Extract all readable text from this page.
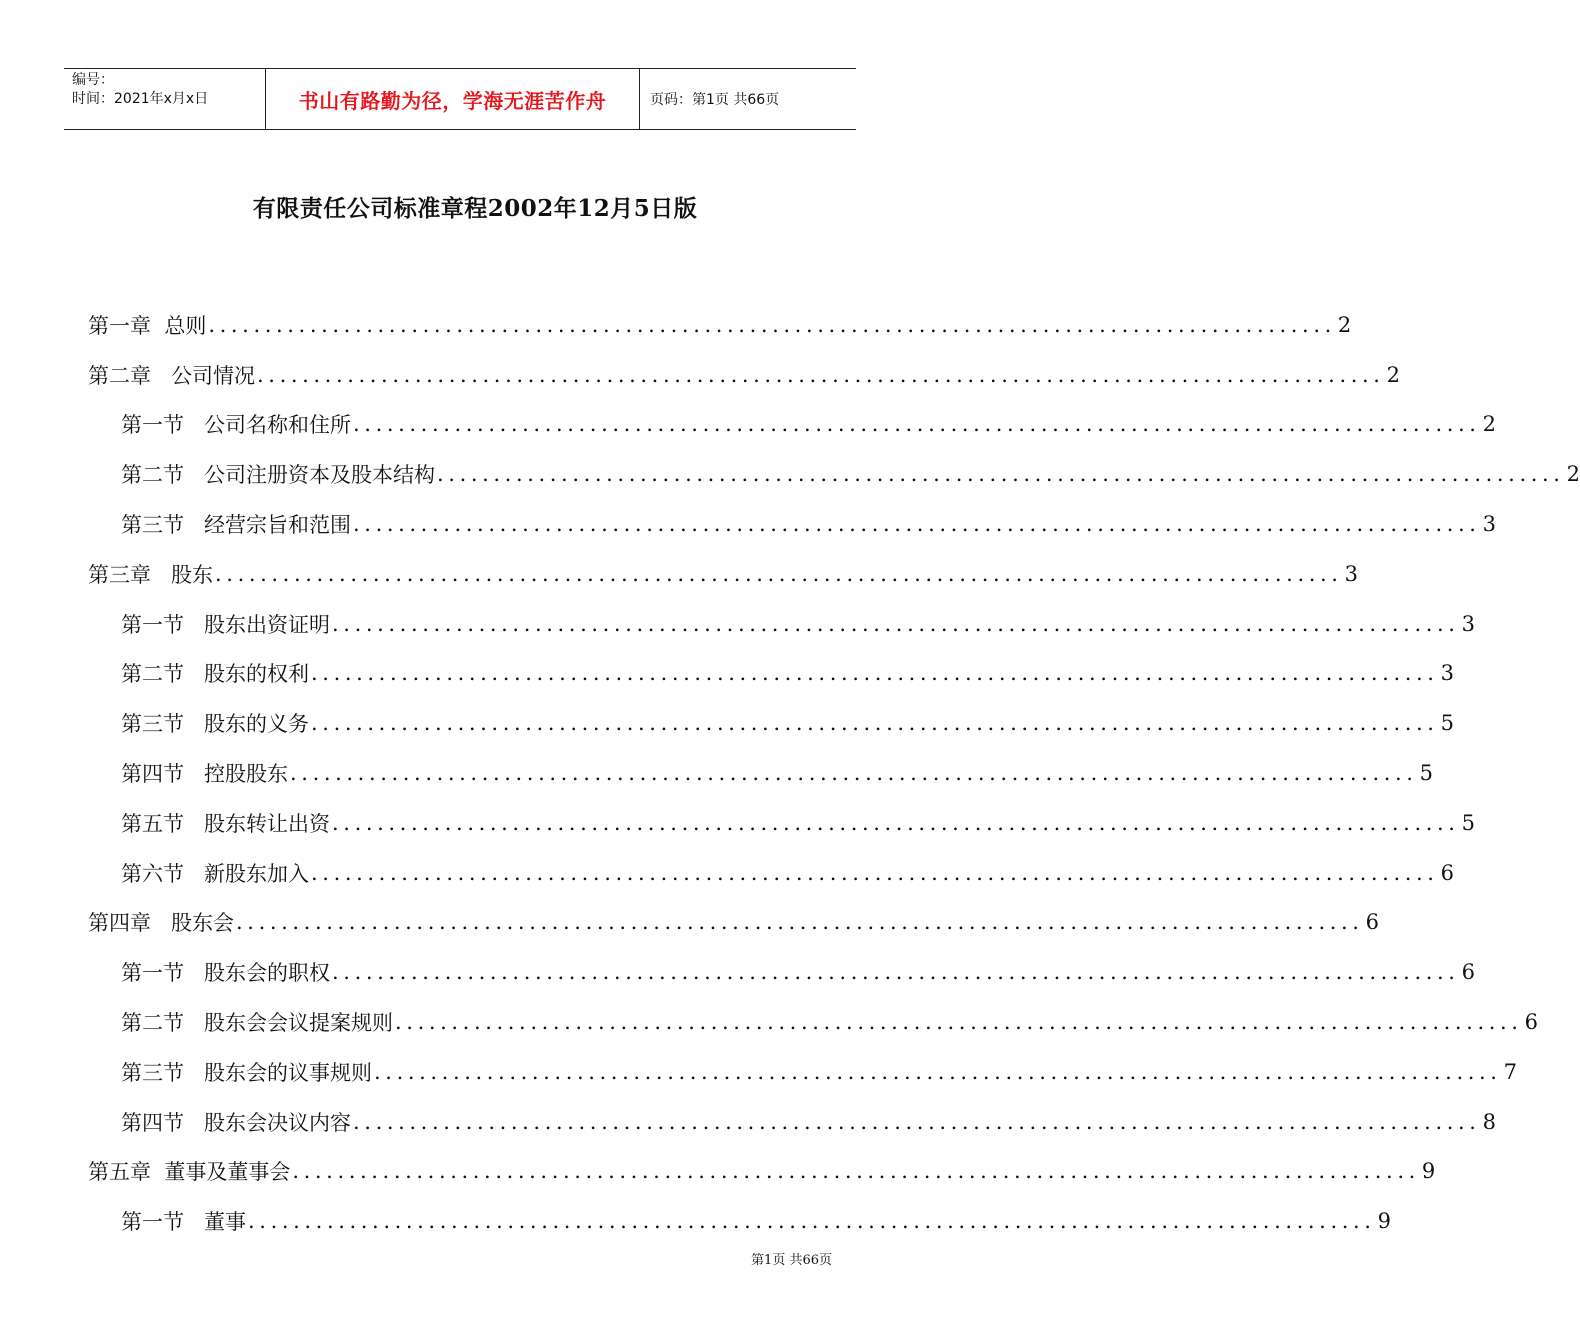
编号：
时间：2021年x月x日	书山有路勤为径，学海无涯苦作舟	页码：第1页 共66页
有限责任公司标准章程2002年12月5日版
第一章  总则 .................................................................................................... 2
第二章   公司情况 .................................................................................................... 2
第一节   公司名称和住所 .................................................................................................... 2
第二节   公司注册资本及股本结构 .................................................................................................... 2
第三节   经营宗旨和范围 .................................................................................................... 3
第三章   股东 .................................................................................................... 3
第一节   股东出资证明 .................................................................................................... 3
第二节   股东的权利 .................................................................................................... 3
第三节   股东的义务 .................................................................................................... 5
第四节   控股股东 .................................................................................................... 5
第五节   股东转让出资 .................................................................................................... 5
第六节   新股东加入 .................................................................................................... 6
第四章   股东会 .................................................................................................... 6
第一节   股东会的职权 .................................................................................................... 6
第二节   股东会会议提案规则 .................................................................................................... 6
第三节   股东会的议事规则 .................................................................................................... 7
第四节   股东会决议内容 .................................................................................................... 8
第五章  董事及董事会 .................................................................................................... 9
第一节   董事 .................................................................................................... 9
第1页 共66页
